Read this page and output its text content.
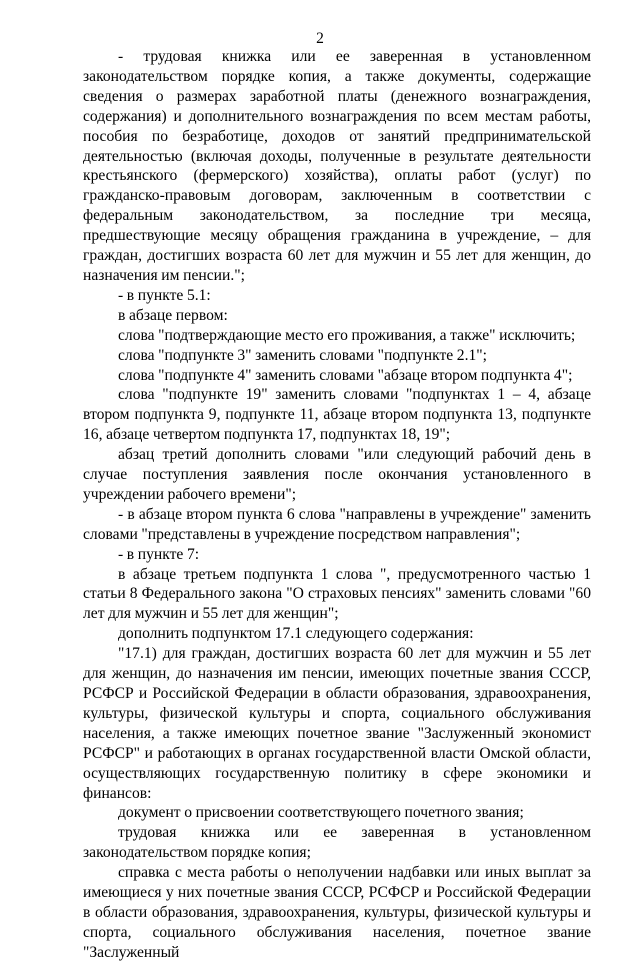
2

- трудовая книжка или ее заверенная в установленном законодательством порядке копия, а также документы, содержащие сведения о размерах заработной платы (денежного вознаграждения, содержания) и дополнительного вознаграждения по всем местам работы, пособия по безработице, доходов от занятий предпринимательской деятельностью (включая доходы, полученные в результате деятельности крестьянского (фермерского) хозяйства), оплаты работ (услуг) по гражданско-правовым договорам, заключенным в соответствии с федеральным законодательством, за последние три месяца, предшествующие месяцу обращения гражданина в учреждение, – для граждан, достигших возраста 60 лет для мужчин и 55 лет для женщин, до назначения им пенсии.";

- в пункте 5.1:

в абзаце первом:

слова "подтверждающие место его проживания, а также" исключить;

слова "подпункте 3" заменить словами "подпункте 2.1";

слова "подпункте 4" заменить словами "абзаце втором подпункта 4";

слова "подпункте 19" заменить словами "подпунктах 1 – 4, абзаце втором подпункта 9, подпункте 11, абзаце втором подпункта 13, подпункте 16, абзаце четвертом подпункта 17, подпунктах 18, 19";

абзац третий дополнить словами "или следующий рабочий день в случае поступления заявления после окончания установленного в учреждении рабочего времени";

- в абзаце втором пункта 6 слова "направлены в учреждение" заменить словами "представлены в учреждение посредством направления";

- в пункте 7:

в абзаце третьем подпункта 1 слова ", предусмотренного частью 1 статьи 8 Федерального закона "О страховых пенсиях" заменить словами "60 лет для мужчин и 55 лет для женщин";

дополнить подпунктом 17.1 следующего содержания:

"17.1) для граждан, достигших возраста 60 лет для мужчин и 55 лет для женщин, до назначения им пенсии, имеющих почетные звания СССР, РСФСР и Российской Федерации в области образования, здравоохранения, культуры, физической культуры и спорта, социального обслуживания населения, а также имеющих почетное звание "Заслуженный экономист РСФСР" и работающих в органах государственной власти Омской области, осуществляющих государственную политику в сфере экономики и финансов:

документ о присвоении соответствующего почетного звания;

трудовая книжка или ее заверенная в установленном законодательством порядке копия;

справка с места работы о неполучении надбавки или иных выплат за имеющиеся у них почетные звания СССР, РСФСР и Российской Федерации в области образования, здравоохранения, культуры, физической культуры и спорта, социального обслуживания населения, почетное звание "Заслуженный
